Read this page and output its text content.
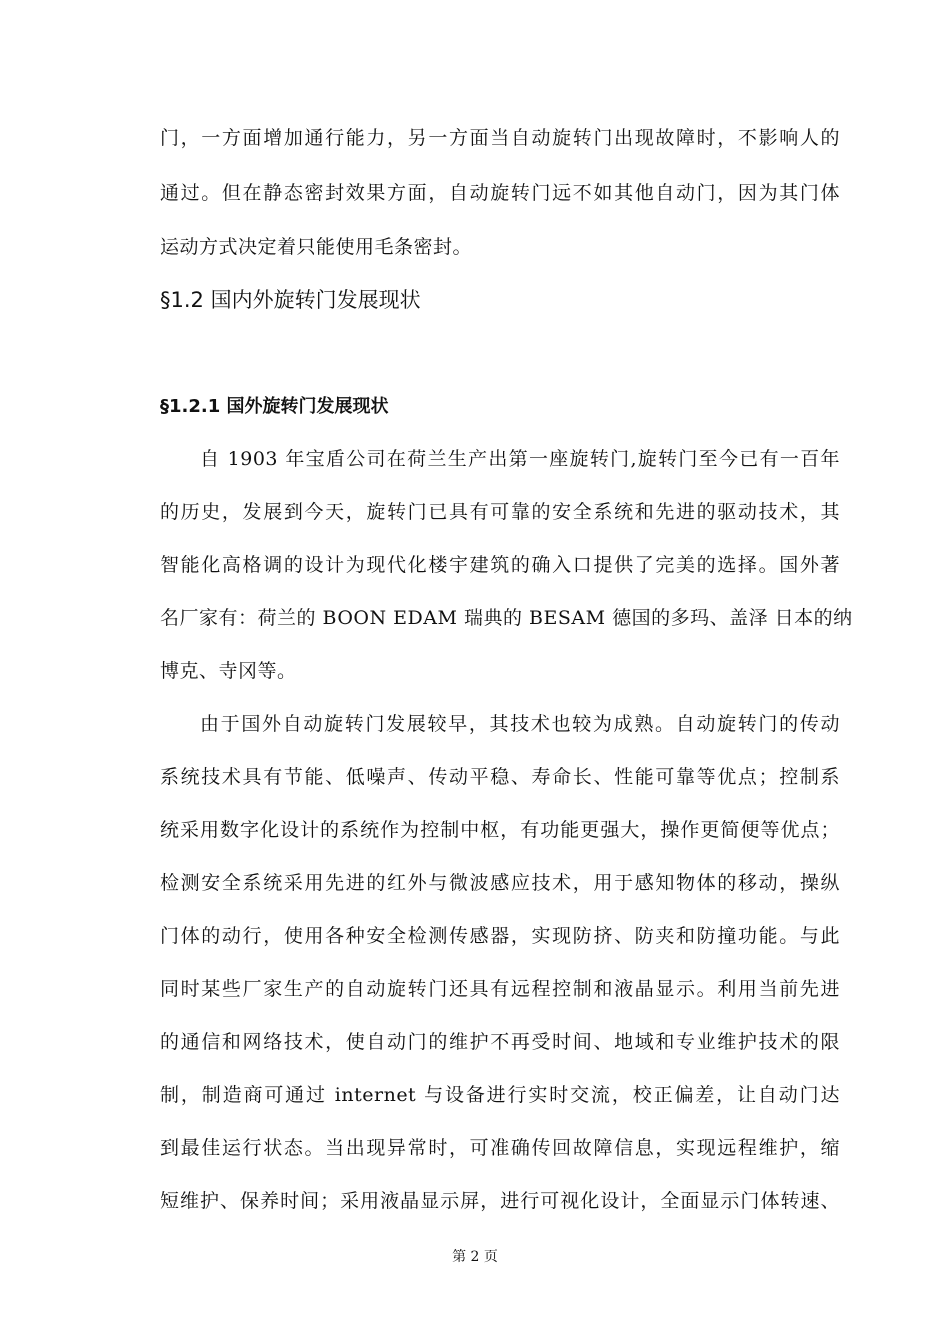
门，一方面增加通行能力，另一方面当自动旋转门出现故障时，不影响人的
通过。但在静态密封效果方面，自动旋转门远不如其他自动门，因为其门体
运动方式决定着只能使用毛条密封。
§1.2 国内外旋转门发展现状
§1.2.1 国外旋转门发展现状
自 1903 年宝盾公司在荷兰生产出第一座旋转门,旋转门至今已有一百年
的历史，发展到今天，旋转门已具有可靠的安全系统和先进的驱动技术，其
智能化高格调的设计为现代化楼宇建筑的确入口提供了完美的选择。国外著
名厂家有：荷兰的 BOON EDAM 瑞典的 BESAM 德国的多玛、盖泽 日本的纳
博克、寺冈等。
由于国外自动旋转门发展较早，其技术也较为成熟。自动旋转门的传动
系统技术具有节能、低噪声、传动平稳、寿命长、性能可靠等优点；控制系
统采用数字化设计的系统作为控制中枢，有功能更强大，操作更简便等优点；
检测安全系统采用先进的红外与微波感应技术，用于感知物体的移动，操纵
门体的动行，使用各种安全检测传感器，实现防挤、防夹和防撞功能。与此
同时某些厂家生产的自动旋转门还具有远程控制和液晶显示。利用当前先进
的通信和网络技术，使自动门的维护不再受时间、地域和专业维护技术的限
制，制造商可通过 internet 与设备进行实时交流，校正偏差，让自动门达
到最佳运行状态。当出现异常时，可准确传回故障信息，实现远程维护，缩
短维护、保养时间；采用液晶显示屏，进行可视化设计，全面显示门体转速、
第 2 页
